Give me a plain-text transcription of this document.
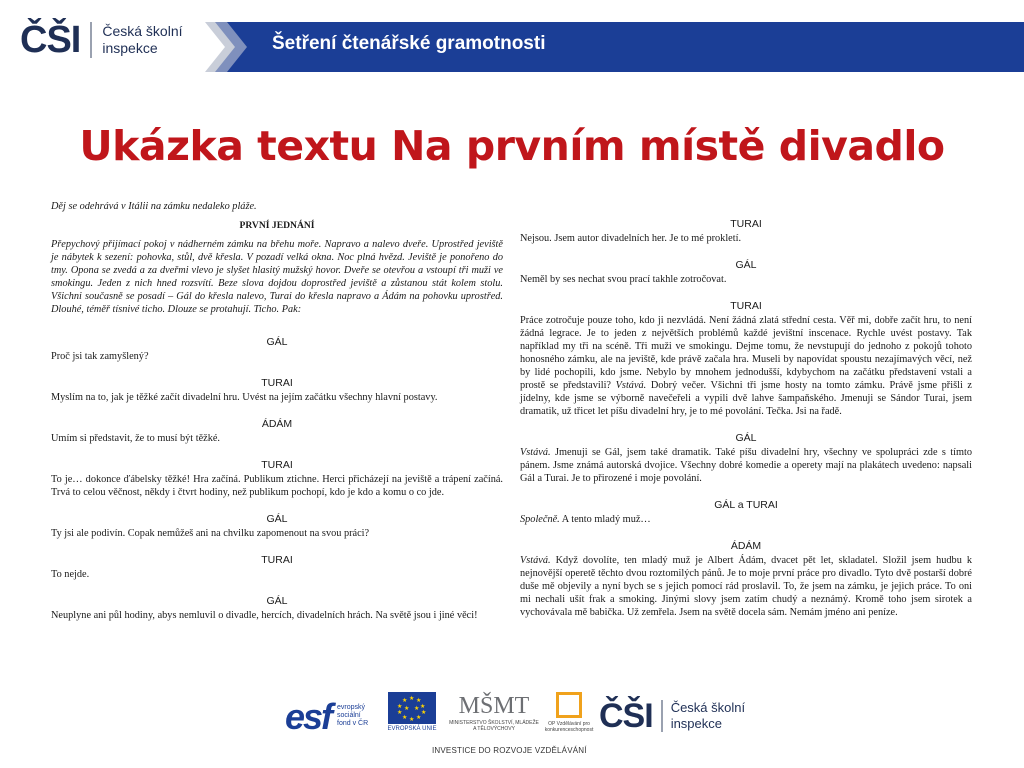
ČŠI Česká školní
inspekce	Šetření čtenářské gramotnosti
Ukázka textu Na prvním místě divadlo

Děj se odehrává v Itálii na zámku nedaleko pláže.

PRVNÍ JEDNÁNÍ

Přepychový přijímací pokoj v nádherném zámku na břehu moře. Napravo a nalevo dveře. Uprostřed jeviště je nábytek k sezení: pohovka, stůl, dvě křesla. V pozadí velká okna. Noc plná hvězd. Jeviště je ponořeno do tmy. Opona se zvedá a za dveřmi vlevo je slyšet hlasitý mužský hovor. Dveře se otevřou a vstoupí tři muži ve smokingu. Jeden z nich hned rozsvítí. Beze slova dojdou doprostřed jeviště a zůstanou stát kolem stolu. Všichni současně se posadí – Gál do křesla nalevo, Turai do křesla napravo a Ádám na pohovku uprostřed. Dlouhé, téměř tísnivé ticho. Dlouze se protahují. Ticho. Pak:

GÁL

Proč jsi tak zamyšlený?

TURAI

Myslím na to, jak je těžké začít divadelní hru. Uvést na jejím začátku všechny hlavní postavy.

ÁDÁM

Umím si představit, že to musí být těžké.

TURAI

To je… dokonce ďábelsky těžké! Hra začíná. Publikum ztichne. Herci přicházejí na jeviště a trápení začíná. Trvá to celou věčnost, někdy i čtvrt hodiny, než publikum pochopí, kdo je kdo a komu o co jde.

GÁL

Ty jsi ale podivín. Copak nemůžeš ani na chvilku zapomenout na svou práci?

TURAI

To nejde.

GÁL

Neuplyne ani půl hodiny, abys nemluvil o divadle, hercích, divadelních hrách. Na světě jsou i jiné věci!

TURAI

Nejsou. Jsem autor divadelních her. Je to mé prokletí.

GÁL

Neměl by ses nechat svou prací takhle zotročovat.

TURAI

Práce zotročuje pouze toho, kdo ji nezvládá. Není žádná zlatá střední cesta. Věř mi, dobře začít hru, to není žádná legrace. Je to jeden z největších problémů každé jevištní inscenace. Rychle uvést postavy. Tak například my tři na scéně. Tři muži ve smokingu. Dejme tomu, že nevstupují do jednoho z pokojů tohoto honosného zámku, ale na jeviště, kde právě začala hra. Museli by napovídat spoustu nezajímavých věcí, než by lidé pochopili, kdo jsme. Nebylo by mnohem jednodušší, kdybychom na začátku představení vstali a prostě se představili? Vstává. Dobrý večer. Všichni tři jsme hosty na tomto zámku. Právě jsme přišli z jídelny, kde jsme se výborně navečeřeli a vypili dvě lahve šampaňského. Jmenuji se Sándor Turai, jsem dramatik, už třicet let píšu divadelní hry, je to mé povolání. Tečka. Jsi na řadě.

GÁL

Vstává. Jmenuji se Gál, jsem také dramatik. Také píšu divadelní hry, všechny ve spolupráci zde s tímto pánem. Jsme známá autorská dvojice. Všechny dobré komedie a operety mají na plakátech uvedeno: napsali Gál a Turai. Je to přirozené i moje povolání.

GÁL a TURAI

Společně. A tento mladý muž…

ÁDÁM

Vstává. Když dovolíte, ten mladý muž je Albert Ádám, dvacet pět let, skladatel. Složil jsem hudbu k nejnovější operetě těchto dvou roztomilých pánů. Je to moje první práce pro divadlo. Tyto dvě postarší dobré duše mě objevily a nyní bych se s jejich pomocí rád proslavil. To, že jsem na zámku, je jejich práce. To oni mi nechali ušít frak a smoking. Jinými slovy jsem zatím chudý a neznámý. Kromě toho jsem sirotek a vychovávala mě babička. Už zemřela. Jsem na světě docela sám. Nemám jméno ani peníze.

esf evropský sociální fond v ČR
★ ★
★
★
★
★
★
★
★
★
★
★
EVROPSKÁ UNIE
MŠMT
MINISTERSTVO ŠKOLSTVÍ, MLÁDEŽE A TĚLOVÝCHOVY
OP Vzdělávání pro konkurenceschopnost ČŠI Česká školní
inspekce
INVESTICE DO ROZVOJE VZDĚLÁVÁNÍ
